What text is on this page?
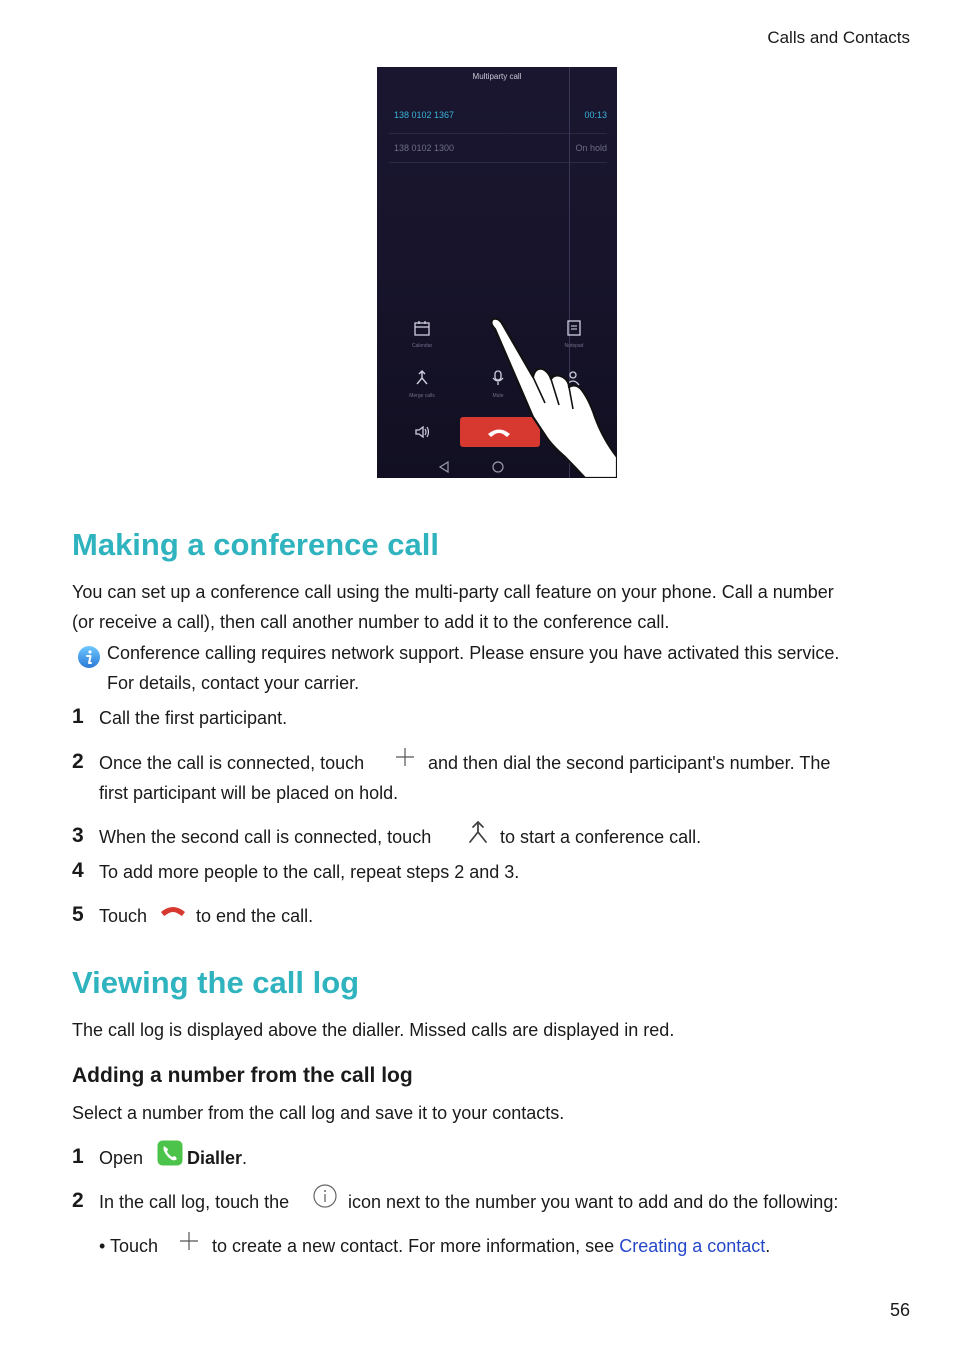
Calls and Contacts
Multiparty call
138 0102 1367	00:13
138 0102 1300	On hold
Calendar	Notepad
Merge calls	Mute
Making a conference call
You can set up a conference call using the multi-party call feature on your phone. Call a number
(or receive a call), then call another number to add it to the conference call.
Conference calling requires network support. Please ensure you have activated this service.
For details, contact your carrier.
1 Call the first participant.
2 Once the call is connected, touch	and then dial the second participant's number. The
first participant will be placed on hold.
3 When the second call is connected, touch	to start a conference call.
4 To add more people to the call, repeat steps 2 and 3.
5 Touch	to end the call.
Viewing the call log
The call log is displayed above the dialler. Missed calls are displayed in red.
Adding a number from the call log
Select a number from the call log and save it to your contacts.
1 Open Dialler.
2 In the call log, touch the	icon next to the number you want to add and do the following:
• Touch	to create a new contact. For more information, see Creating a contact.
56
